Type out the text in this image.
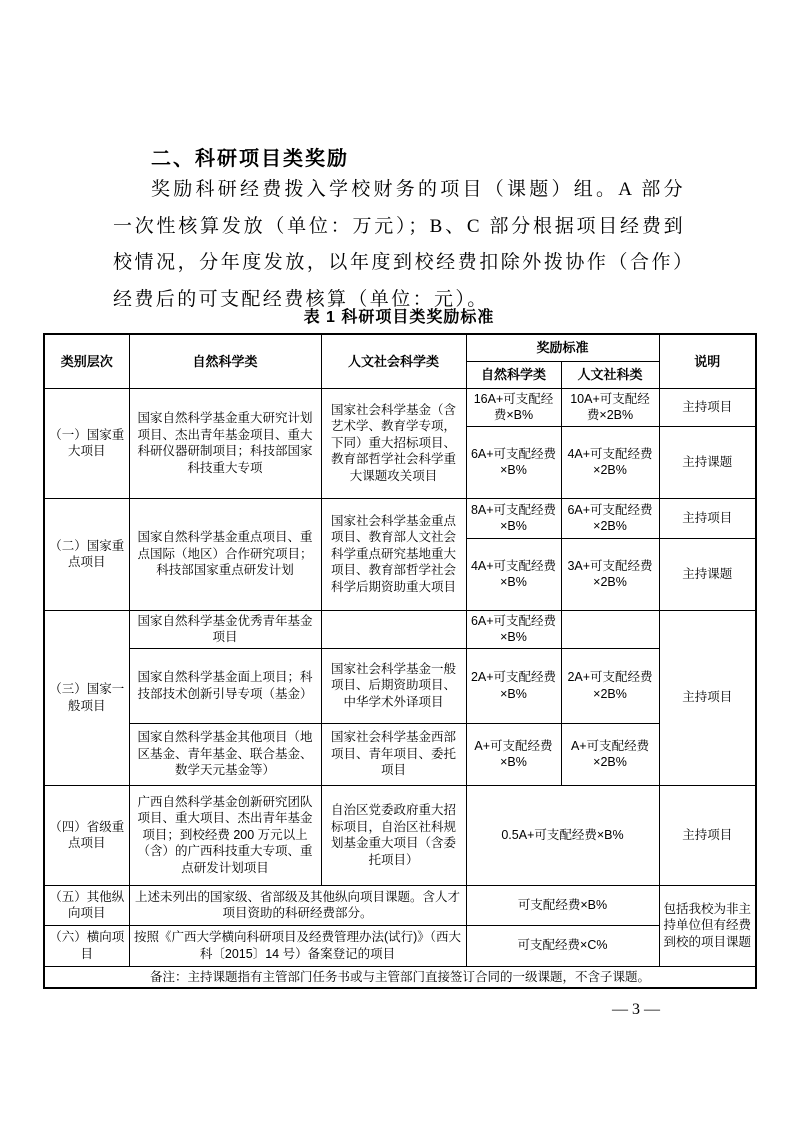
二、科研项目类奖励
奖励科研经费拨入学校财务的项目（课题）组。A 部分一次性核算发放（单位：万元）；B、C 部分根据项目经费到校情况，分年度发放，以年度到校经费扣除外拨协作（合作）经费后的可支配经费核算（单位：元）。
表 1 科研项目类奖励标准
类别层次	自然科学类	人文社会科学类	奖励标准		说明
			自然科学类	人文社科类	
（一）国家重大项目	国家自然科学基金重大研究计划项目、杰出青年基金项目、重大科研仪器研制项目；科技部国家科技重大专项	国家社会科学基金（含艺术学、教育学专项，下同）重大招标项目、教育部哲学社会科学重大课题攻关项目	16A+可支配经费×B%	10A+可支配经费×2B%	主持项目
			6A+可支配经费×B%	4A+可支配经费×2B%	主持课题
（二）国家重点项目	国家自然科学基金重点项目、重点国际（地区）合作研究项目；科技部国家重点研发计划	国家社会科学基金重点项目、教育部人文社会科学重点研究基地重大项目、教育部哲学社会科学后期资助重大项目	8A+可支配经费×B%	6A+可支配经费×2B%	主持项目
			4A+可支配经费×B%	3A+可支配经费×2B%	主持课题
（三）国家一般项目	国家自然科学基金优秀青年基金项目		6A+可支配经费×B%		主持项目
	国家自然科学基金面上项目；科技部技术创新引导专项（基金）	国家社会科学基金一般项目、后期资助项目、中华学术外译项目	2A+可支配经费×B%	2A+可支配经费×2B%	
	国家自然科学基金其他项目（地区基金、青年基金、联合基金、数学天元基金等）	国家社会科学基金西部项目、青年项目、委托项目	A+可支配经费×B%	A+可支配经费×2B%	
（四）省级重点项目	广西自然科学基金创新研究团队项目、重大项目、杰出青年基金项目；到校经费 200 万元以上（含）的广西科技重大专项、重点研发计划项目	自治区党委政府重大招标项目，自治区社科规划基金重大项目（含委托项目）	0.5A+可支配经费×B%		主持项目
（五）其他纵向项目	上述未列出的国家级、省部级及其他纵向项目课题。含人才项目资助的科研经费部分。		可支配经费×B%		包括我校为非主持单位但有经费到校的项目课题
（六）横向项目	按照《广西大学横向科研项目及经费管理办法(试行)》（西大科〔2015〕14 号）备案登记的项目		可支配经费×C%		
备注：主持课题指有主管部门任务书或与主管部门直接签订合同的一级课题，不含子课题。					
— 3 —
